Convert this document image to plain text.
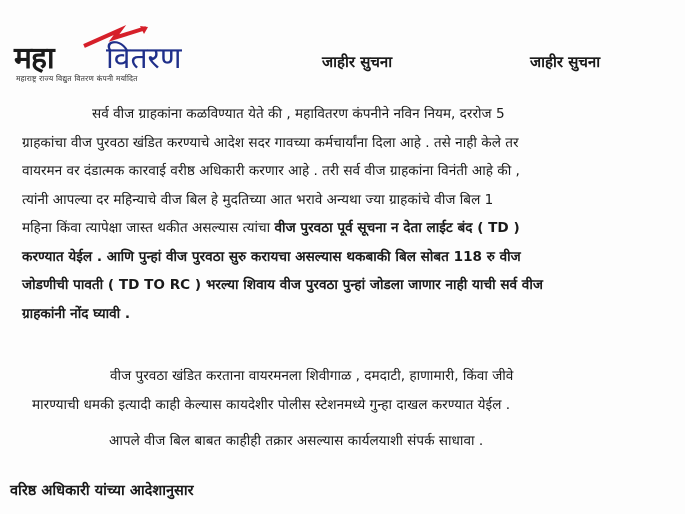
महा वितरण
महाराष्ट्र राज्य विद्युत वितरण कंपनी मर्यादित
जाहीर सुचना	जाहीर सुचना
सर्व वीज ग्राहकांना कळविण्यात येते की , महावितरण कंपनीने नविन नियम, दररोज 5
ग्राहकांचा वीज पुरवठा खंडित करण्याचे आदेश सदर गावच्या कर्मचार्यांना दिला आहे . तसे नाही केले तर
वायरमन वर दंडात्मक कारवाई वरीष्ठ अधिकारी करणार आहे . तरी सर्व वीज ग्राहकांना विनंती आहे की ,
त्यांनी आपल्या दर महिन्याचे वीज बिल हे मुदतिच्या आत भरावे अन्यथा ज्या ग्राहकांचे वीज बिल 1
महिना किंवा त्यापेक्षा जास्त थकीत असल्यास त्यांचा वीज पुरवठा पूर्व सूचना न देता लाईट बंद ( TD )
करण्यात येईल . आणि पुन्हां वीज पुरवठा सुरु करायचा असल्यास थकबाकी बिल सोबत 118 रु वीज
जोडणीची पावती ( TD TO RC ) भरल्या शिवाय वीज पुरवठा पुन्हां जोडला जाणार नाही याची सर्व वीज
ग्राहकांनी नोंद घ्यावी .
वीज पुरवठा खंडित करताना वायरमनला शिवीगाळ , दमदाटी, हाणामारी, किंवा जीवे
मारण्याची धमकी इत्यादी काही केल्यास कायदेशीर पोलीस स्टेशनमध्ये गुन्हा दाखल करण्यात येईल .
आपले वीज बिल बाबत काहीही तक्रार असल्यास कार्यलयाशी संपर्क साधावा .
वरिष्ठ अधिकारी यांच्या आदेशानुसार
